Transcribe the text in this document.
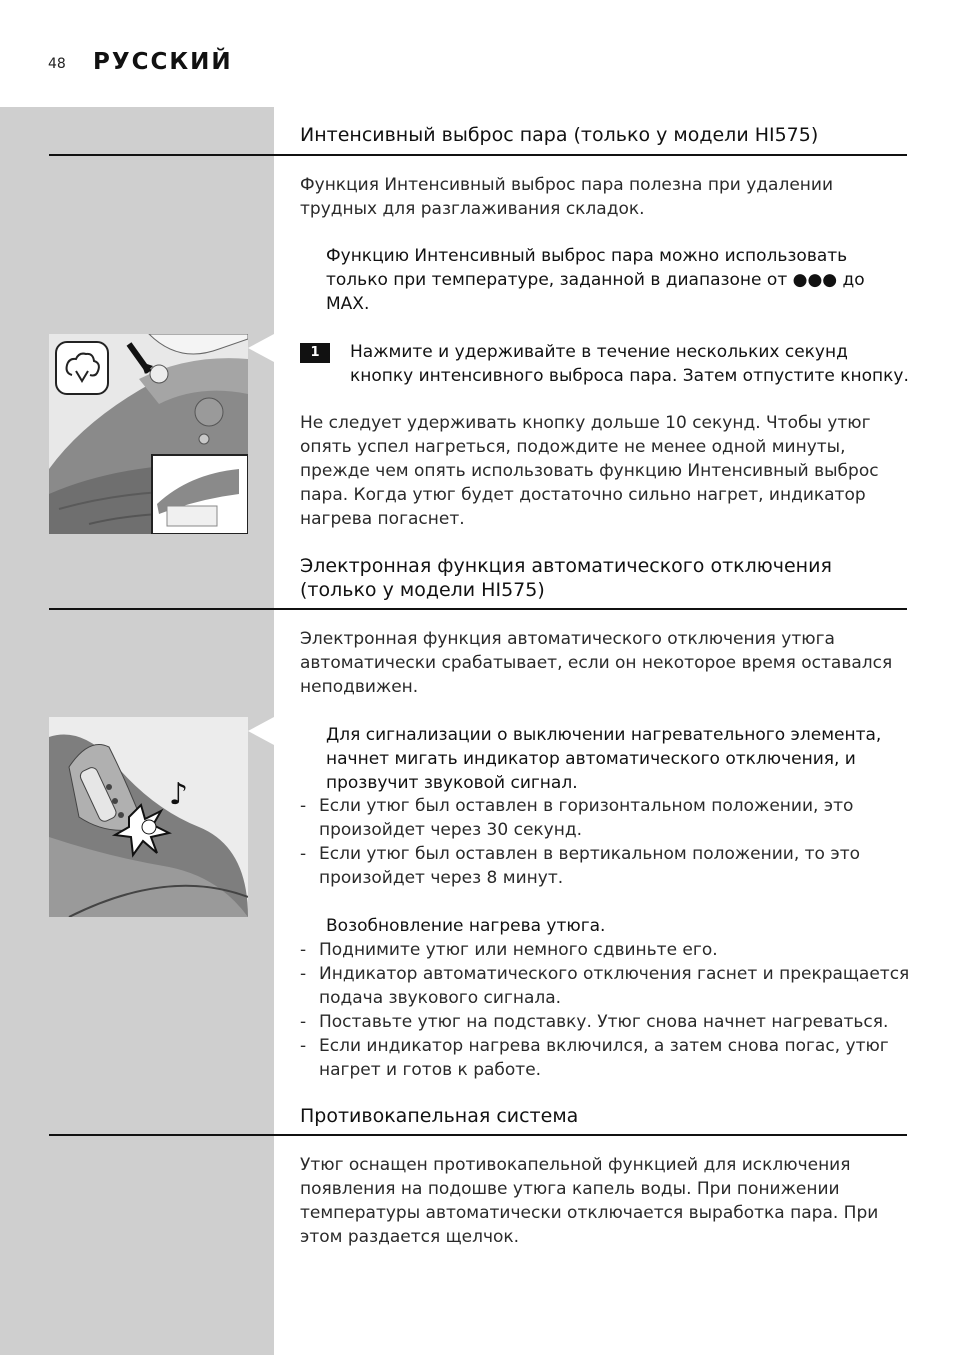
48 РУССКИЙ
Интенсивный выброс пара (только у модели HI575)
Функция Интенсивный выброс пара полезна при удалении трудных для разглаживания складок.
Функцию Интенсивный выброс пара можно использовать только при температуре, заданной в диапазоне от ●●● до MAX.
1	Нажмите и удерживайте в течение нескольких секунд кнопку интенсивного выброса пара. Затем отпустите кнопку.
Не следует удерживать кнопку дольше 10 секунд. Чтобы утюг опять успел нагреться, подождите не менее одной минуты, прежде чем опять использовать функцию Интенсивный выброс пара. Когда утюг будет достаточно сильно нагрет, индикатор нагрева погаснет.
Электронная функция автоматического отключения (только у модели HI575)
Электронная функция автоматического отключения утюга автоматически срабатывает, если он некоторое время оставался неподвижен.
♪
Для сигнализации о выключении нагревательного элемента, начнет мигать индикатор автоматического отключения, и прозвучит звуковой сигнал.
- Если утюг был оставлен в горизонтальном положении, это произойдет через 30 секунд.
- Если утюг был оставлен в вертикальном положении, то это произойдет через 8 минут.
Возобновление нагрева утюга.
- Поднимите утюг или немного сдвиньте его.
- Индикатор автоматического отключения гаснет и прекращается подача звукового сигнала.
- Поставьте утюг на подставку. Утюг снова начнет нагреваться.
- Если индикатор нагрева включился, а затем снова погас, утюг нагрет и готов к работе.
Противокапельная система
Утюг оснащен противокапельной функцией для исключения появления на подошве утюга капель воды. При понижении температуры автоматически отключается выработка пара. При этом раздается щелчок.
